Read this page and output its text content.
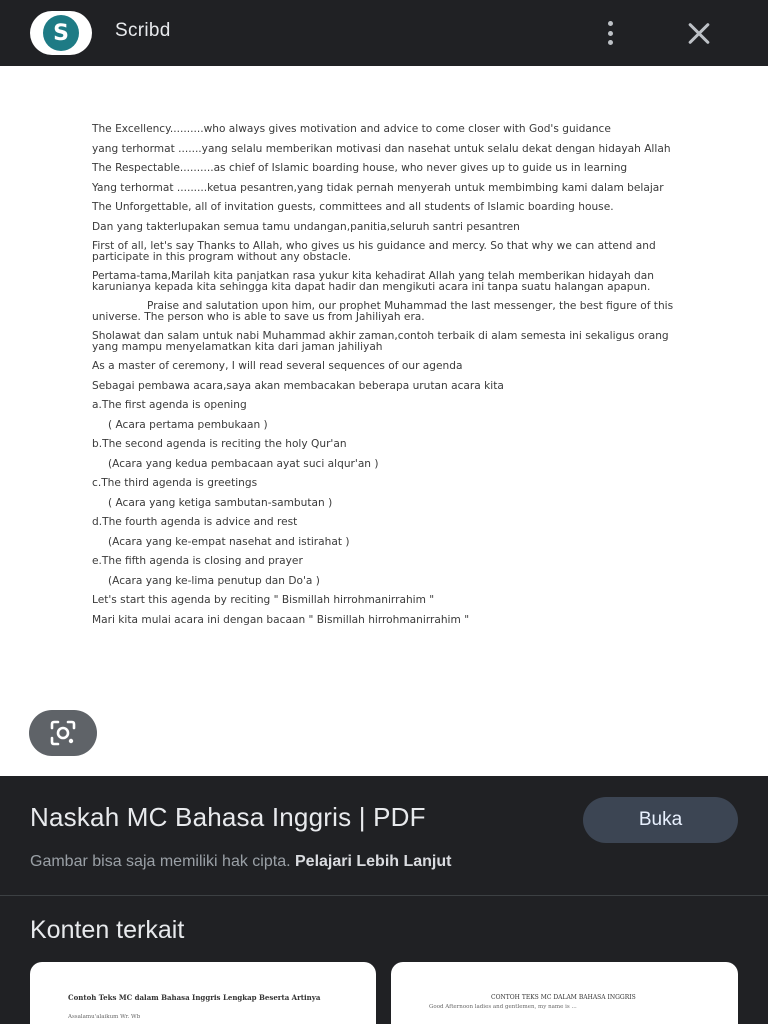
S	Scribd

The Excellency..........who always gives motivation and advice to come closer with God's guidance

yang terhormat .......yang selalu memberikan motivasi dan nasehat untuk selalu dekat dengan hidayah Allah

The Respectable..........as chief of Islamic boarding house, who never gives up to guide us in learning

Yang terhormat .........ketua pesantren,yang tidak pernah menyerah untuk membimbing kami dalam belajar

The Unforgettable, all of invitation guests, committees and all students of Islamic boarding house.

Dan yang takterlupakan semua tamu undangan,panitia,seluruh santri pesantren

First of all, let's say Thanks to Allah, who gives us his guidance and mercy. So that why we can attend and participate in this program without any obstacle.

Pertama-tama,Marilah kita panjatkan rasa yukur kita kehadirat Allah yang telah memberikan hidayah dan karunianya kepada kita sehingga kita dapat hadir dan mengikuti acara ini tanpa suatu halangan apapun.

Praise and salutation upon him, our prophet Muhammad the last messenger, the best figure of this universe. The person who is able to save us from Jahiliyah era.

Sholawat dan salam untuk nabi Muhammad akhir zaman,contoh terbaik di alam semesta ini sekaligus orang yang mampu menyelamatkan kita dari jaman jahiliyah

As a master of ceremony, I will read several sequences of our agenda

Sebagai pembawa acara,saya akan membacakan beberapa urutan acara kita

a.The first agenda is opening

( Acara pertama pembukaan )

b.The second agenda is reciting the holy Qur'an

(Acara yang kedua pembacaan ayat suci alqur'an )

c.The third agenda is greetings

( Acara yang ketiga sambutan-sambutan )

d.The fourth agenda is advice and rest

(Acara yang ke-empat nasehat and istirahat )

e.The fifth agenda is closing and prayer

(Acara yang ke-lima penutup dan Do'a )

Let's start this agenda by reciting " Bismillah hirrohmanirrahim "

Mari kita mulai acara ini dengan bacaan " Bismillah hirrohmanirrahim "

Naskah MC Bahasa Inggris | PDF	Buka
Gambar bisa saja memiliki hak cipta. Pelajari Lebih Lanjut
Konten terkait
Contoh Teks MC dalam Bahasa Inggris Lengkap Beserta Artinya
Assalamu'alaikum Wr. Wb
CONTOH TEKS MC DALAM BAHASA INGGRIS
Good Afternoon ladies and gentlemen, my name is ...
